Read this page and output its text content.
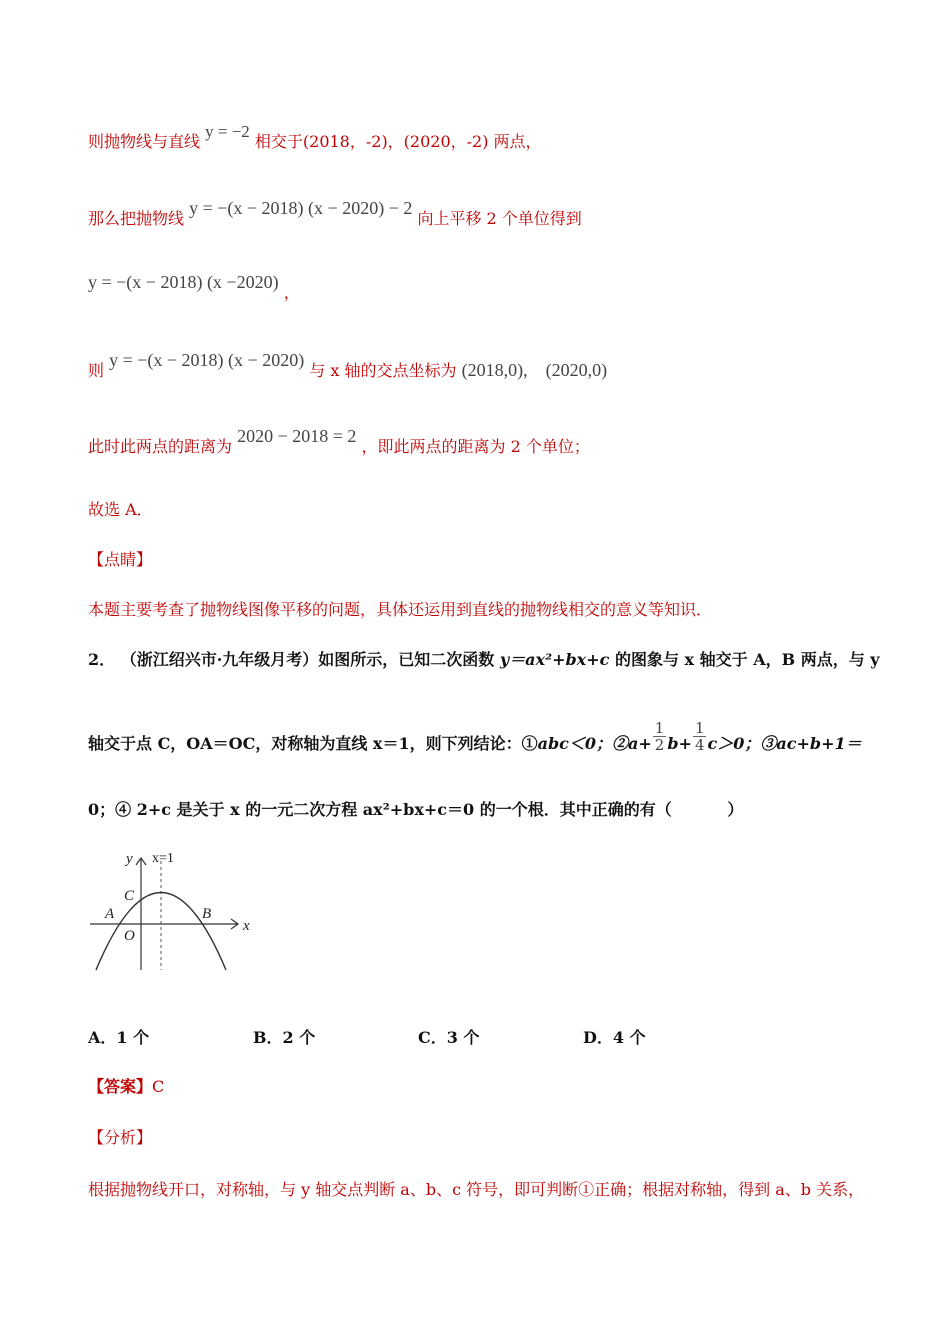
则抛物线与直线 y = −2 相交于(2018，-2)，(2020，-2) 两点，
那么把抛物线 y = −(x − 2018) (x − 2020) − 2 向上平移 2 个单位得到
y = −(x − 2018) (x −2020) ，
则 y = −(x − 2018) (x − 2020) 与 x 轴的交点坐标为 (2018,0),    (2020,0)
此时此两点的距离为 2020 − 2018 = 2 ，即此两点的距离为 2 个单位；
故选 A．
【点睛】
本题主要考查了抛物线图像平移的问题，具体还运用到直线的抛物线相交的意义等知识．
2． （浙江绍兴市·九年级月考）如图所示，已知二次函数 y＝ax²+bx+c 的图象与 x 轴交于 A，B 两点，与 y
轴交于点 C，OA＝OC，对称轴为直线 x＝1，则下列结论：①abc＜0；②a+ $\frac{1}{2} b+ \frac{1}{4} c>0$；③ac+b+1＝
0；④ 2+c 是关于 x 的一元二次方程 ax²+bx+c＝0 的一个根．其中正确的有（          ）
y x=1
x
C
A	B
O
A．1 个	B．2 个	C．3 个	D．4 个
【答案】C
【分析】
根据抛物线开口，对称轴，与 y 轴交点判断 a、b、c 符号，即可判断①正确；根据对称轴，得到 a、b 关系，
